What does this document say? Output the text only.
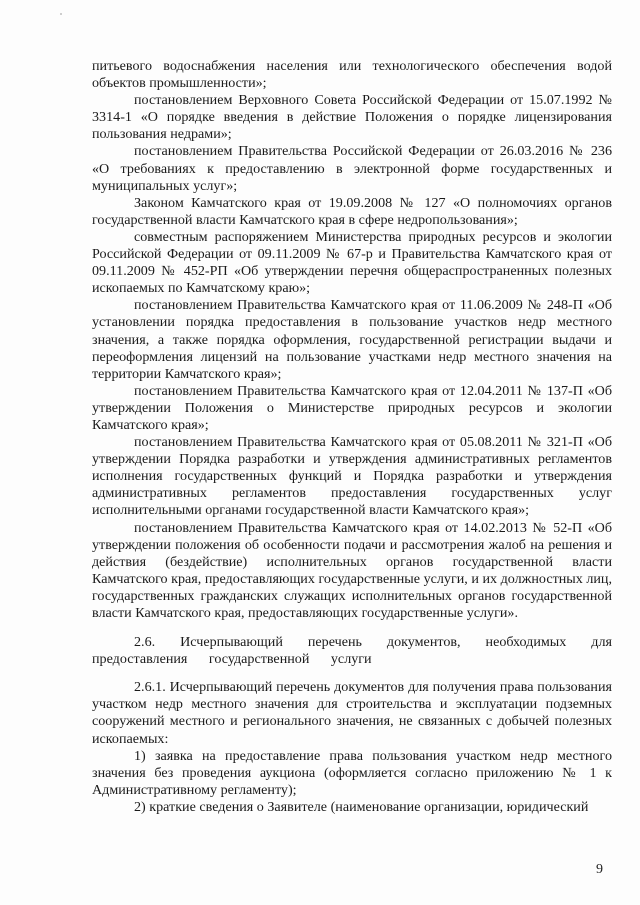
питьевого водоснабжения населения или технологического обеспечения водой объектов промышленности»;

постановлением Верховного Совета Российской Федерации от 15.07.1992 № 3314-1 «О порядке введения в действие Положения о порядке лицензирования пользования недрами»;

постановлением Правительства Российской Федерации от 26.03.2016 № 236 «О требованиях к предоставлению в электронной форме государственных и муниципальных услуг»;

Законом Камчатского края от 19.09.2008 № 127 «О полномочиях органов государственной власти Камчатского края в сфере недропользования»;

совместным распоряжением Министерства природных ресурсов и экологии Российской Федерации от 09.11.2009 № 67-р и Правительства Камчатского края от 09.11.2009 № 452-РП «Об утверждении перечня общераспространенных полезных ископаемых по Камчатскому краю»;

постановлением Правительства Камчатского края от 11.06.2009 № 248-П «Об установлении порядка предоставления в пользование участков недр местного значения, а также порядка оформления, государственной регистрации выдачи и переоформления лицензий на пользование участками недр местного значения на территории Камчатского края»;

постановлением Правительства Камчатского края от 12.04.2011 № 137-П «Об утверждении Положения о Министерстве природных ресурсов и экологии Камчатского края»;

постановлением Правительства Камчатского края от 05.08.2011 № 321-П «Об утверждении Порядка разработки и утверждения административных регламентов исполнения государственных функций и Порядка разработки и утверждения административных регламентов предоставления государственных услуг исполнительными органами государственной власти Камчатского края»;

постановлением Правительства Камчатского края от 14.02.2013 № 52-П «Об утверждении положения об особенности подачи и рассмотрения жалоб на решения и действия (бездействие) исполнительных органов государственной власти Камчатского края, предоставляющих государственные услуги, и их должностных лиц, государственных гражданских служащих исполнительных органов государственной власти Камчатского края, предоставляющих государственные услуги».

2.6. Исчерпывающий перечень документов, необходимых для предоставления государственной услуги

2.6.1. Исчерпывающий перечень документов для получения права пользования участком недр местного значения для строительства и эксплуатации подземных сооружений местного и регионального значения, не связанных с добычей полезных ископаемых:

1) заявка на предоставление права пользования участком недр местного значения без проведения аукциона (оформляется согласно приложению № 1 к Административному регламенту);

2) краткие сведения о Заявителе (наименование организации, юридический

9
